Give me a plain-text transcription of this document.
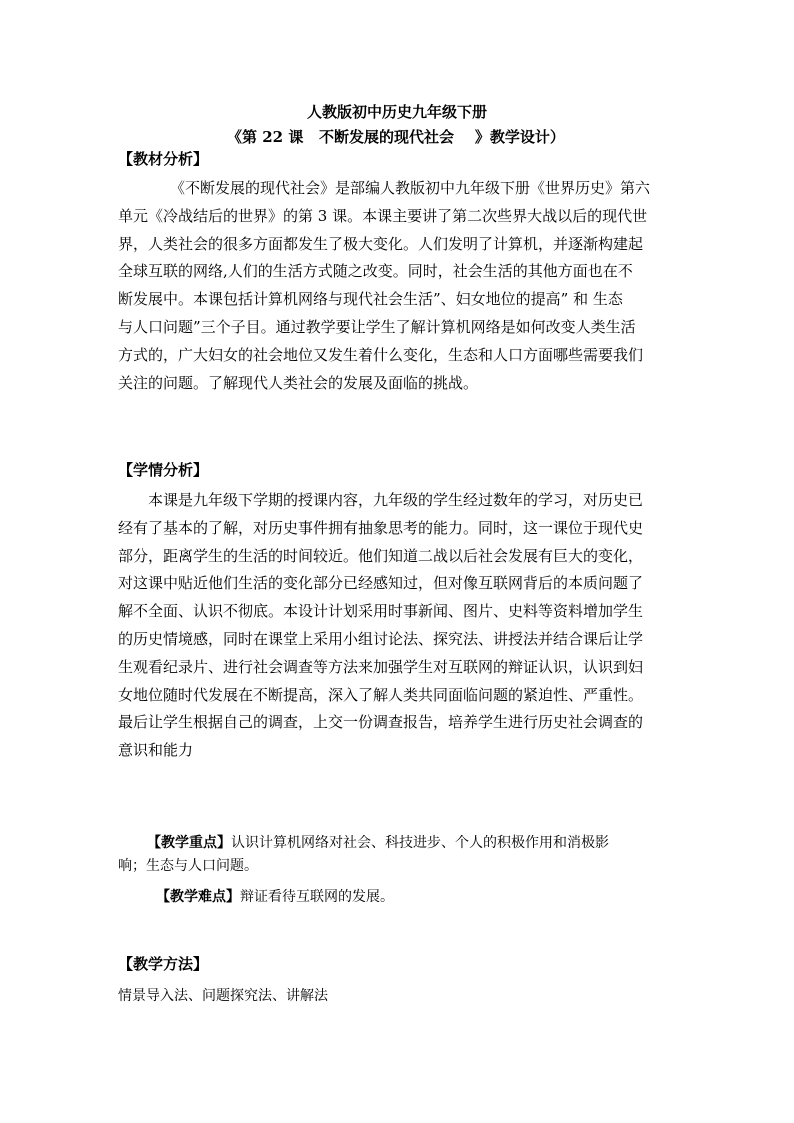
人教版初中历史九年级下册
《第 22 课   不断发展的现代社会    》教学设计）
【教材分析】
《不断发展的现代社会》是部编人教版初中九年级下册《世界历史》第六
单元《冷战结后的世界》的第 3 课。本课主要讲了第二次些界大战以后的现代世
界，人类社会的很多方面都发生了极大变化。人们发明了计算机，并逐渐构建起
全球互联的网络,人们的生活方式随之改变。同时，社会生活的其他方面也在不
断发展中。本课包括计算机网络与现代社会生活”、妇女地位的提高” 和 生态
与人口问题”三个子目。通过教学要让学生了解计算机网络是如何改变人类生活
方式的，广大妇女的社会地位又发生着什么变化，生态和人口方面哪些需要我们
关注的问题。了解现代人类社会的发展及面临的挑战。
【学情分析】
本课是九年级下学期的授课内容，九年级的学生经过数年的学习，对历史已
经有了基本的了解，对历史事件拥有抽象思考的能力。同时，这一课位于现代史
部分，距离学生的生活的时间较近。他们知道二战以后社会发展有巨大的变化，
对这课中贴近他们生活的变化部分已经感知过，但对像互联网背后的本质问题了
解不全面、认识不彻底。本设计计划采用时事新闻、图片、史料等资料增加学生
的历史情境感，同时在课堂上采用小组讨论法、探究法、讲授法并结合课后让学
生观看纪录片、进行社会调查等方法来加强学生对互联网的辩证认识，认识到妇
女地位随时代发展在不断提高，深入了解人类共同面临问题的紧迫性、严重性。
最后让学生根据自己的调查，上交一份调查报告，培养学生进行历史社会调查的
意识和能力
【教学重点】认识计算机网络对社会、科技进步、个人的积极作用和消极影
响；生态与人口问题。
【教学难点】辩证看待互联网的发展。
【教学方法】
情景导入法、问题探究法、讲解法
